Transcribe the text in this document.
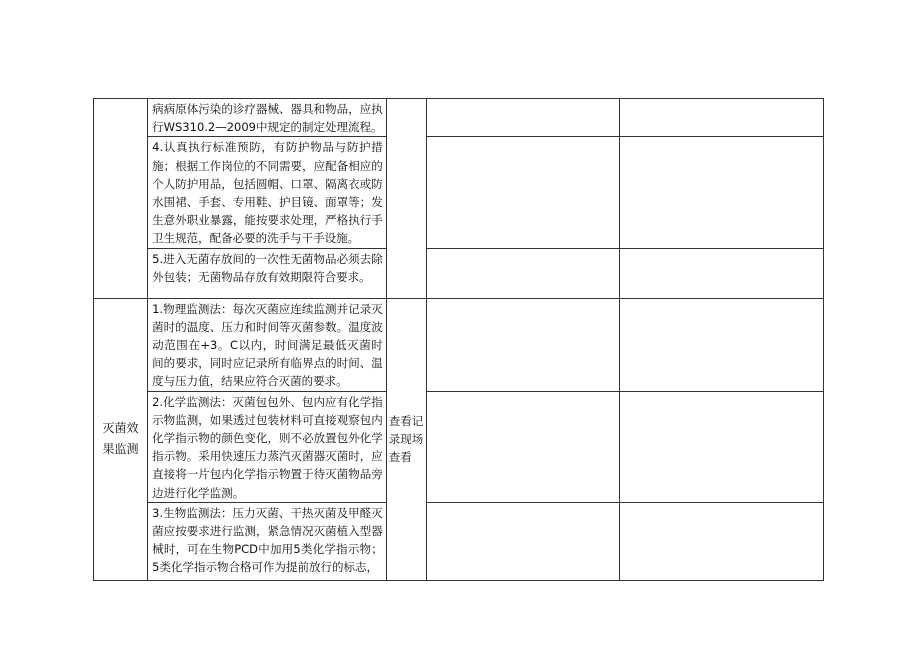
	病病原体污染的诊疗器械、器具和物品，应执行WS310.2—2009中规定的制定处理流程。			

	4.认真执行标准预防，有防护物品与防护措施；根据工作岗位的不同需要，应配备相应的个人防护用品，包括圆帽、口罩、隔离衣或防水围裙、手套、专用鞋、护目镜、面罩等；发生意外职业暴露，能按要求处理，严格执行手卫生规范，配备必要的洗手与干手设施。			

	5.进入无菌存放间的一次性无菌物品必须去除外包装；无菌物品存放有效期限符合要求。			

灭菌效果监测	1.物理监测法：每次灭菌应连续监测并记录灭菌时的温度、压力和时间等灭菌参数。温度波动范围在+3。C以内，时间满足最低灭菌时间的要求，同时应记录所有临界点的时间、温度与压力值，结果应符合灭菌的要求。	查看记录现场查看		

	2.化学监测法：灭菌包包外、包内应有化学指示物监测，如果透过包装材料可直接观察包内化学指示物的颜色变化，则不必放置包外化学指示物。采用快速压力蒸汽灭菌器灭菌时，应直接将一片包内化学指示物置于待灭菌物品旁边进行化学监测。			

	3.生物监测法：压力灭菌、干热灭菌及甲醛灭菌应按要求进行监测，紧急情况灭菌植入型器械时，可在生物PCD中加用5类化学指示物；5类化学指示物合格可作为提前放行的标志，			
